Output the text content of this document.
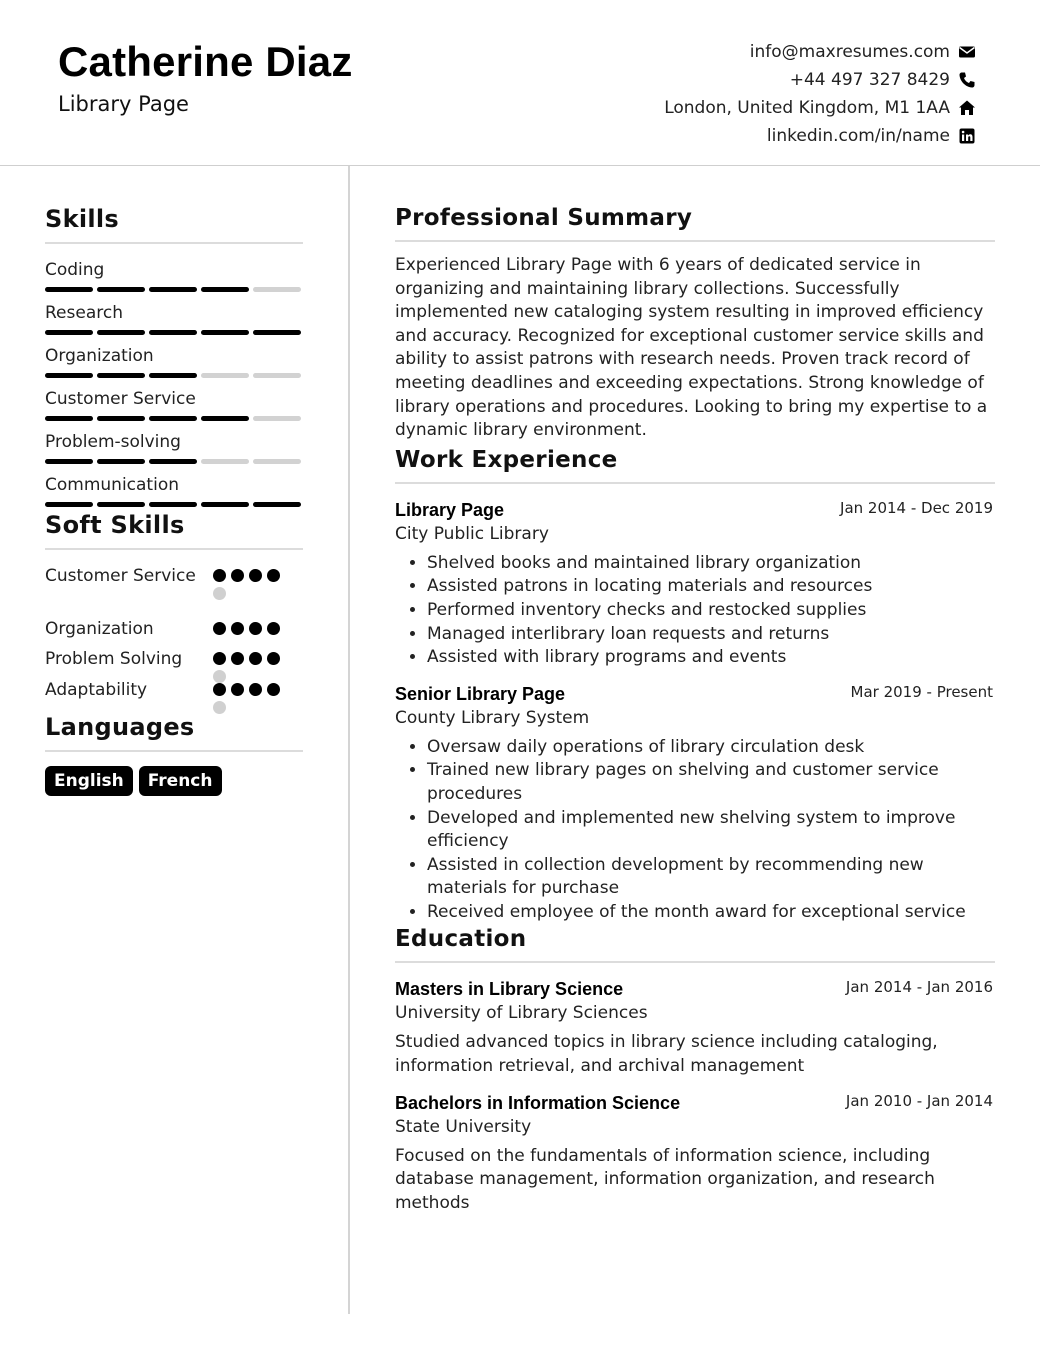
Catherine Diaz
Library Page
info@maxresumes.com
+44 497 327 8429
London, United Kingdom, M1 1AA
linkedin.com/in/name
Skills
Coding
Research
Organization
Customer Service
Problem-solving
Communication
Soft Skills
Customer Service
Organization
Problem Solving
Adaptability
Languages
English	French
Professional Summary
Experienced Library Page with 6 years of dedicated service in organizing and maintaining library collections. Successfully implemented new cataloging system resulting in improved efficiency and accuracy. Recognized for exceptional customer service skills and ability to assist patrons with research needs. Proven track record of meeting deadlines and exceeding expectations. Strong knowledge of library operations and procedures. Looking to bring my expertise to a dynamic library environment.
Work Experience
Library Page	Jan 2014 - Dec 2019
City Public Library
• Shelved books and maintained library organization
• Assisted patrons in locating materials and resources
• Performed inventory checks and restocked supplies
• Managed interlibrary loan requests and returns
• Assisted with library programs and events
Senior Library Page	Mar 2019 - Present
County Library System
• Oversaw daily operations of library circulation desk
• Trained new library pages on shelving and customer service procedures
• Developed and implemented new shelving system to improve efficiency
• Assisted in collection development by recommending new materials for purchase
• Received employee of the month award for exceptional service
Education
Masters in Library Science	Jan 2014 - Jan 2016
University of Library Sciences
Studied advanced topics in library science including cataloging, information retrieval, and archival management
Bachelors in Information Science	Jan 2010 - Jan 2014
State University
Focused on the fundamentals of information science, including database management, information organization, and research methods
